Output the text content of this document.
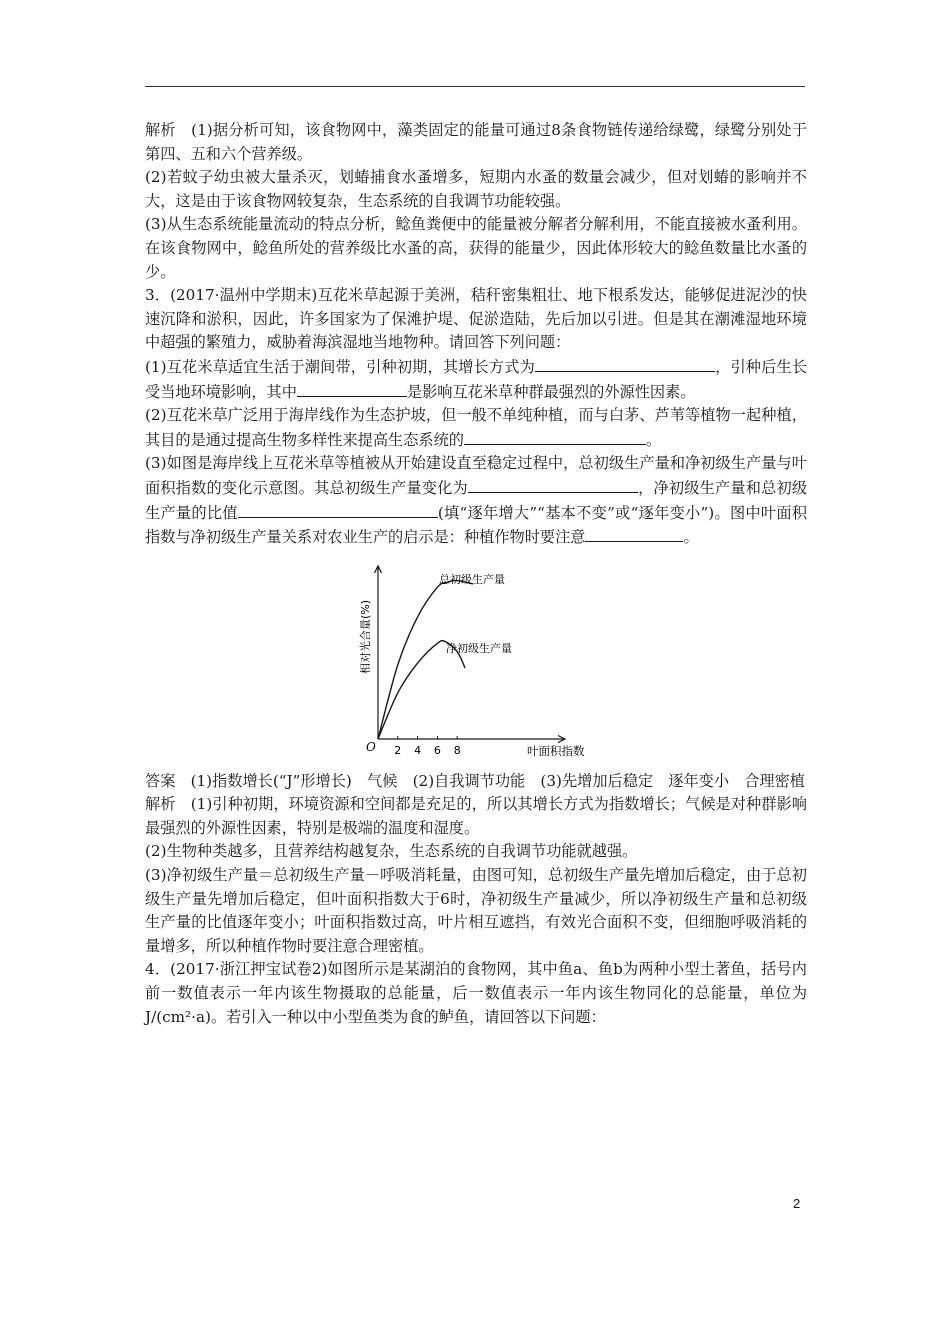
解析　 (1)据分析可知，该食物网中，藻类固定的能量可通过8条食物链传递给绿鹭，绿鹭分别处于第四、五和六个营养级。

(2)若蚊子幼虫被大量杀灭，划蝽捕食水蚤增多，短期内水蚤的数量会减少，但对划蝽的影响并不大，这是由于该食物网较复杂，生态系统的自我调节功能较强。

(3)从生态系统能量流动的特点分析，鲶鱼粪便中的能量被分解者分解利用，不能直接被水蚤利用。在该食物网中，鲶鱼所处的营养级比水蚤的高，获得的能量少，因此体形较大的鲶鱼数量比水蚤的少。

3．(2017·温州中学期末)互花米草起源于美洲，秸秆密集粗壮、地下根系发达，能够促进泥沙的快速沉降和淤积，因此，许多国家为了保滩护堤、促淤造陆，先后加以引进。但是其在潮滩湿地环境中超强的繁殖力，威胁着海滨湿地当地物种。请回答下列问题：

(1)互花米草适宜生活于潮间带，引种初期，其增长方式为	，引种后生长受当地环境影响，其中	是影响互花米草种群最强烈的外源性因素。

(2)互花米草广泛用于海岸线作为生态护坡，但一般不单纯种植，而与白茅、芦苇等植物一起种植，其目的是通过提高生物多样性来提高生态系统的	。

(3)如图是海岸线上互花米草等植被从开始建设直至稳定过程中，总初级生产量和净初级生产量与叶面积指数的变化示意图。其总初级生产量变化为	，净初级生产量和总初级生产量的比值	(填“逐年增大”“基本不变”或“逐年变小”)。图中叶面积指数与净初级生产量关系对农业生产的启示是：种植作物时要注意	。

2 4 6 8
相对光合量(%)
O	叶面积指数
总初级生产量
净初级生产量

答案　 (1)指数增长(“J”形增长)　气候　(2)自我调节功能　(3)先增加后稳定　逐年变小　合理密植

解析　 (1)引种初期，环境资源和空间都是充足的，所以其增长方式为指数增长；气候是对种群影响最强烈的外源性因素，特别是极端的温度和湿度。

(2)生物种类越多，且营养结构越复杂，生态系统的自我调节功能就越强。

(3)净初级生产量＝总初级生产量－呼吸消耗量，由图可知，总初级生产量先增加后稳定，由于总初级生产量先增加后稳定，但叶面积指数大于6时，净初级生产量减少，所以净初级生产量和总初级生产量的比值逐年变小；叶面积指数过高，叶片相互遮挡，有效光合面积不变，但细胞呼吸消耗的量增多，所以种植作物时要注意合理密植。

4．(2017·浙江押宝试卷2)如图所示是某湖泊的食物网，其中鱼a、鱼b为两种小型土著鱼，括号内前一数值表示一年内该生物摄取的总能量，后一数值表示一年内该生物同化的总能量，单位为J/(cm²·a)。若引入一种以中小型鱼类为食的鲈鱼，请回答以下问题：

2
